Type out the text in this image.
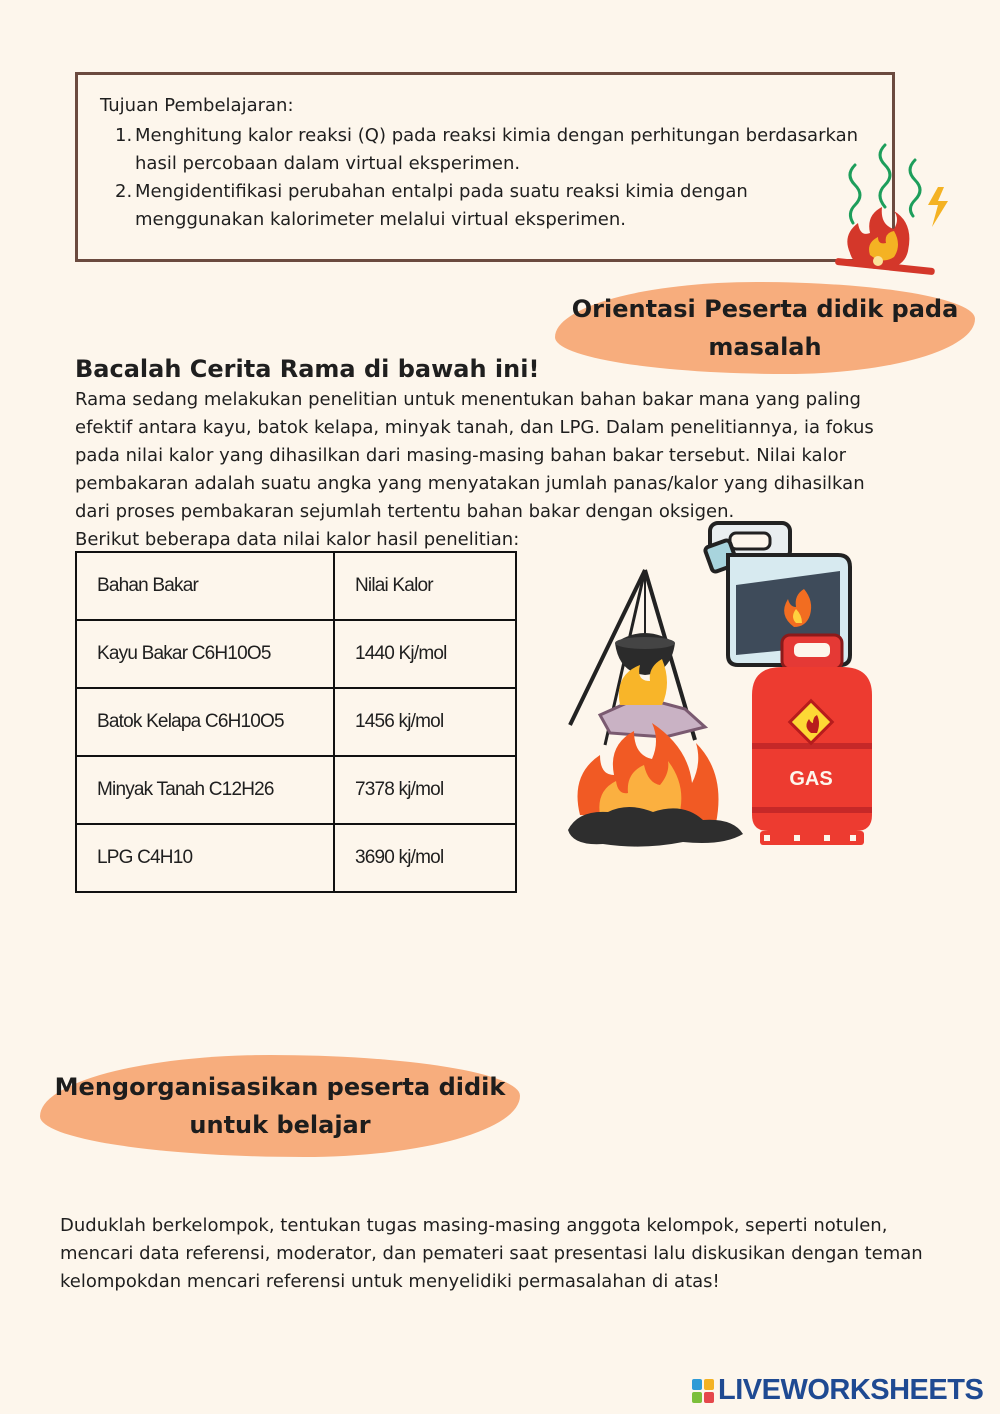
Tujuan Pembelajaran:
1. Menghitung kalor reaksi (Q) pada reaksi kimia dengan perhitungan berdasarkan
hasil percobaan dalam virtual eksperimen.
2. Mengidentifikasi perubahan entalpi pada suatu reaksi kimia dengan
menggunakan kalorimeter melalui virtual eksperimen.
Orientasi Peserta didik pada
masalah
Bacalah Cerita Rama di bawah ini!
Rama sedang melakukan penelitian untuk menentukan bahan bakar mana yang paling
efektif antara kayu, batok kelapa, minyak tanah, dan LPG. Dalam penelitiannya, ia fokus
pada nilai kalor yang dihasilkan dari masing-masing bahan bakar tersebut. Nilai kalor
pembakaran adalah suatu angka yang menyatakan jumlah panas/kalor yang dihasilkan
dari proses pembakaran sejumlah tertentu bahan bakar dengan oksigen.
Berikut beberapa data nilai kalor hasil penelitian:
Bahan Bakar	Nilai Kalor
Kayu Bakar C6H10O5	1440 Kj/mol
Batok Kelapa C6H10O5	1456 kj/mol
Minyak Tanah C12H26	7378 kj/mol
LPG C4H10	3690 kj/mol
GAS
Mengorganisasikan peserta didik
untuk belajar
Duduklah berkelompok, tentukan tugas masing-masing anggota kelompok, seperti notulen,
mencari data referensi, moderator, dan pemateri saat presentasi lalu diskusikan dengan teman
kelompokdan mencari referensi untuk menyelidiki permasalahan di atas!
LIVEWORKSHEETS
